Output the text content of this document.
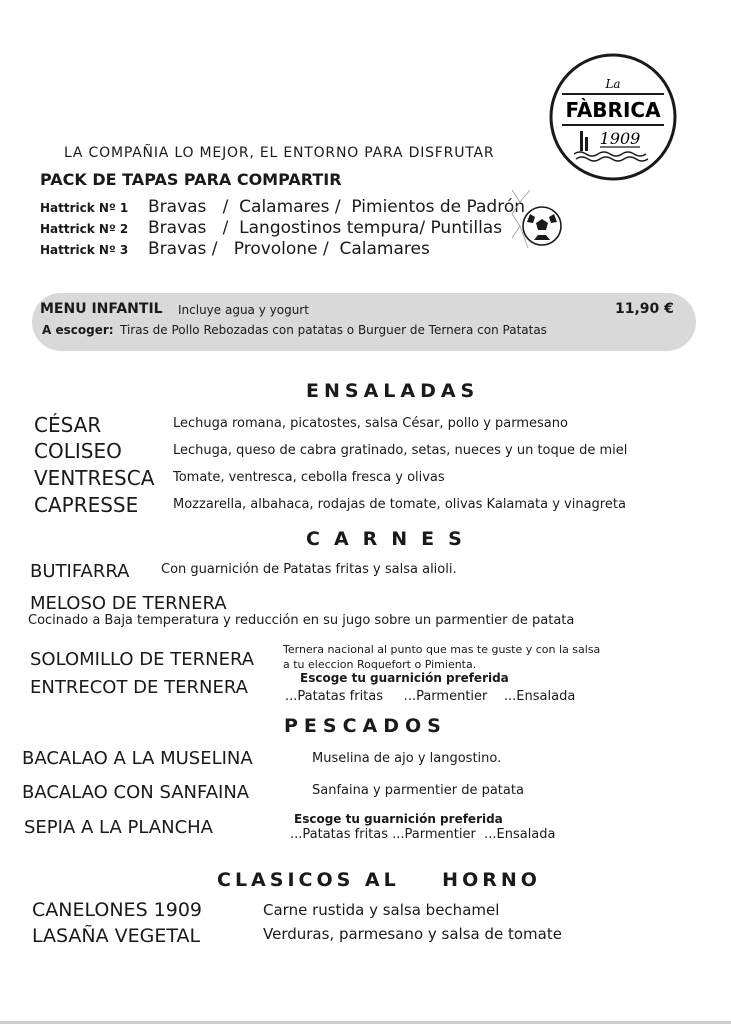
La
FÀBRICA
1909
LA COMPAÑIA LO MEJOR, EL ENTORNO PARA DISFRUTAR
PACK DE TAPAS PARA COMPARTIR
Hattrick Nº 1	Bravas   /  Calamares /  Pimientos de Padrón
Hattrick Nº 2	Bravas   /  Langostinos tempura/ Puntillas
Hattrick Nº 3	Bravas /   Provolone /  Calamares
MENU INFANTIL Incluye agua y yogurt	11,90 €
A escoger: Tiras de Pollo Rebozadas con patatas o Burguer de Ternera con Patatas
ENSALADAS
CÉSAR	Lechuga romana, picatostes, salsa César, pollo y parmesano
COLISEO	Lechuga, queso de cabra gratinado, setas, nueces y un toque de miel
VENTRESCA Tomate, ventresca, cebolla fresca y olivas
CAPRESSE	Mozzarella, albahaca, rodajas de tomate, olivas Kalamata y vinagreta
CARNES
BUTIFARRA Con guarnición de Patatas fritas y salsa alioli.
MELOSO DE TERNERA
Cocinado a Baja temperatura y reducción en su jugo sobre un parmentier de patata
SOLOMILLO DE TERNERA	Ternera nacional al punto que mas te guste y con la salsa
a tu eleccion Roquefort o Pimienta.
ENTRECOT DE TERNERA	Escoge tu guarnición preferida
...Patatas fritas     ...Parmentier    ...Ensalada
PESCADOS
BACALAO A LA MUSELINA	Muselina de ajo y langostino.
BACALAO CON SANFAINA	Sanfaina y parmentier de patata
SEPIA A LA PLANCHA	Escoge tu guarnición preferida
...Patatas fritas ...Parmentier  ...Ensalada
CLASICOS AL    HORNO
CANELONES 1909	Carne rustida y salsa bechamel
LASAÑA VEGETAL	Verduras, parmesano y salsa de tomate
